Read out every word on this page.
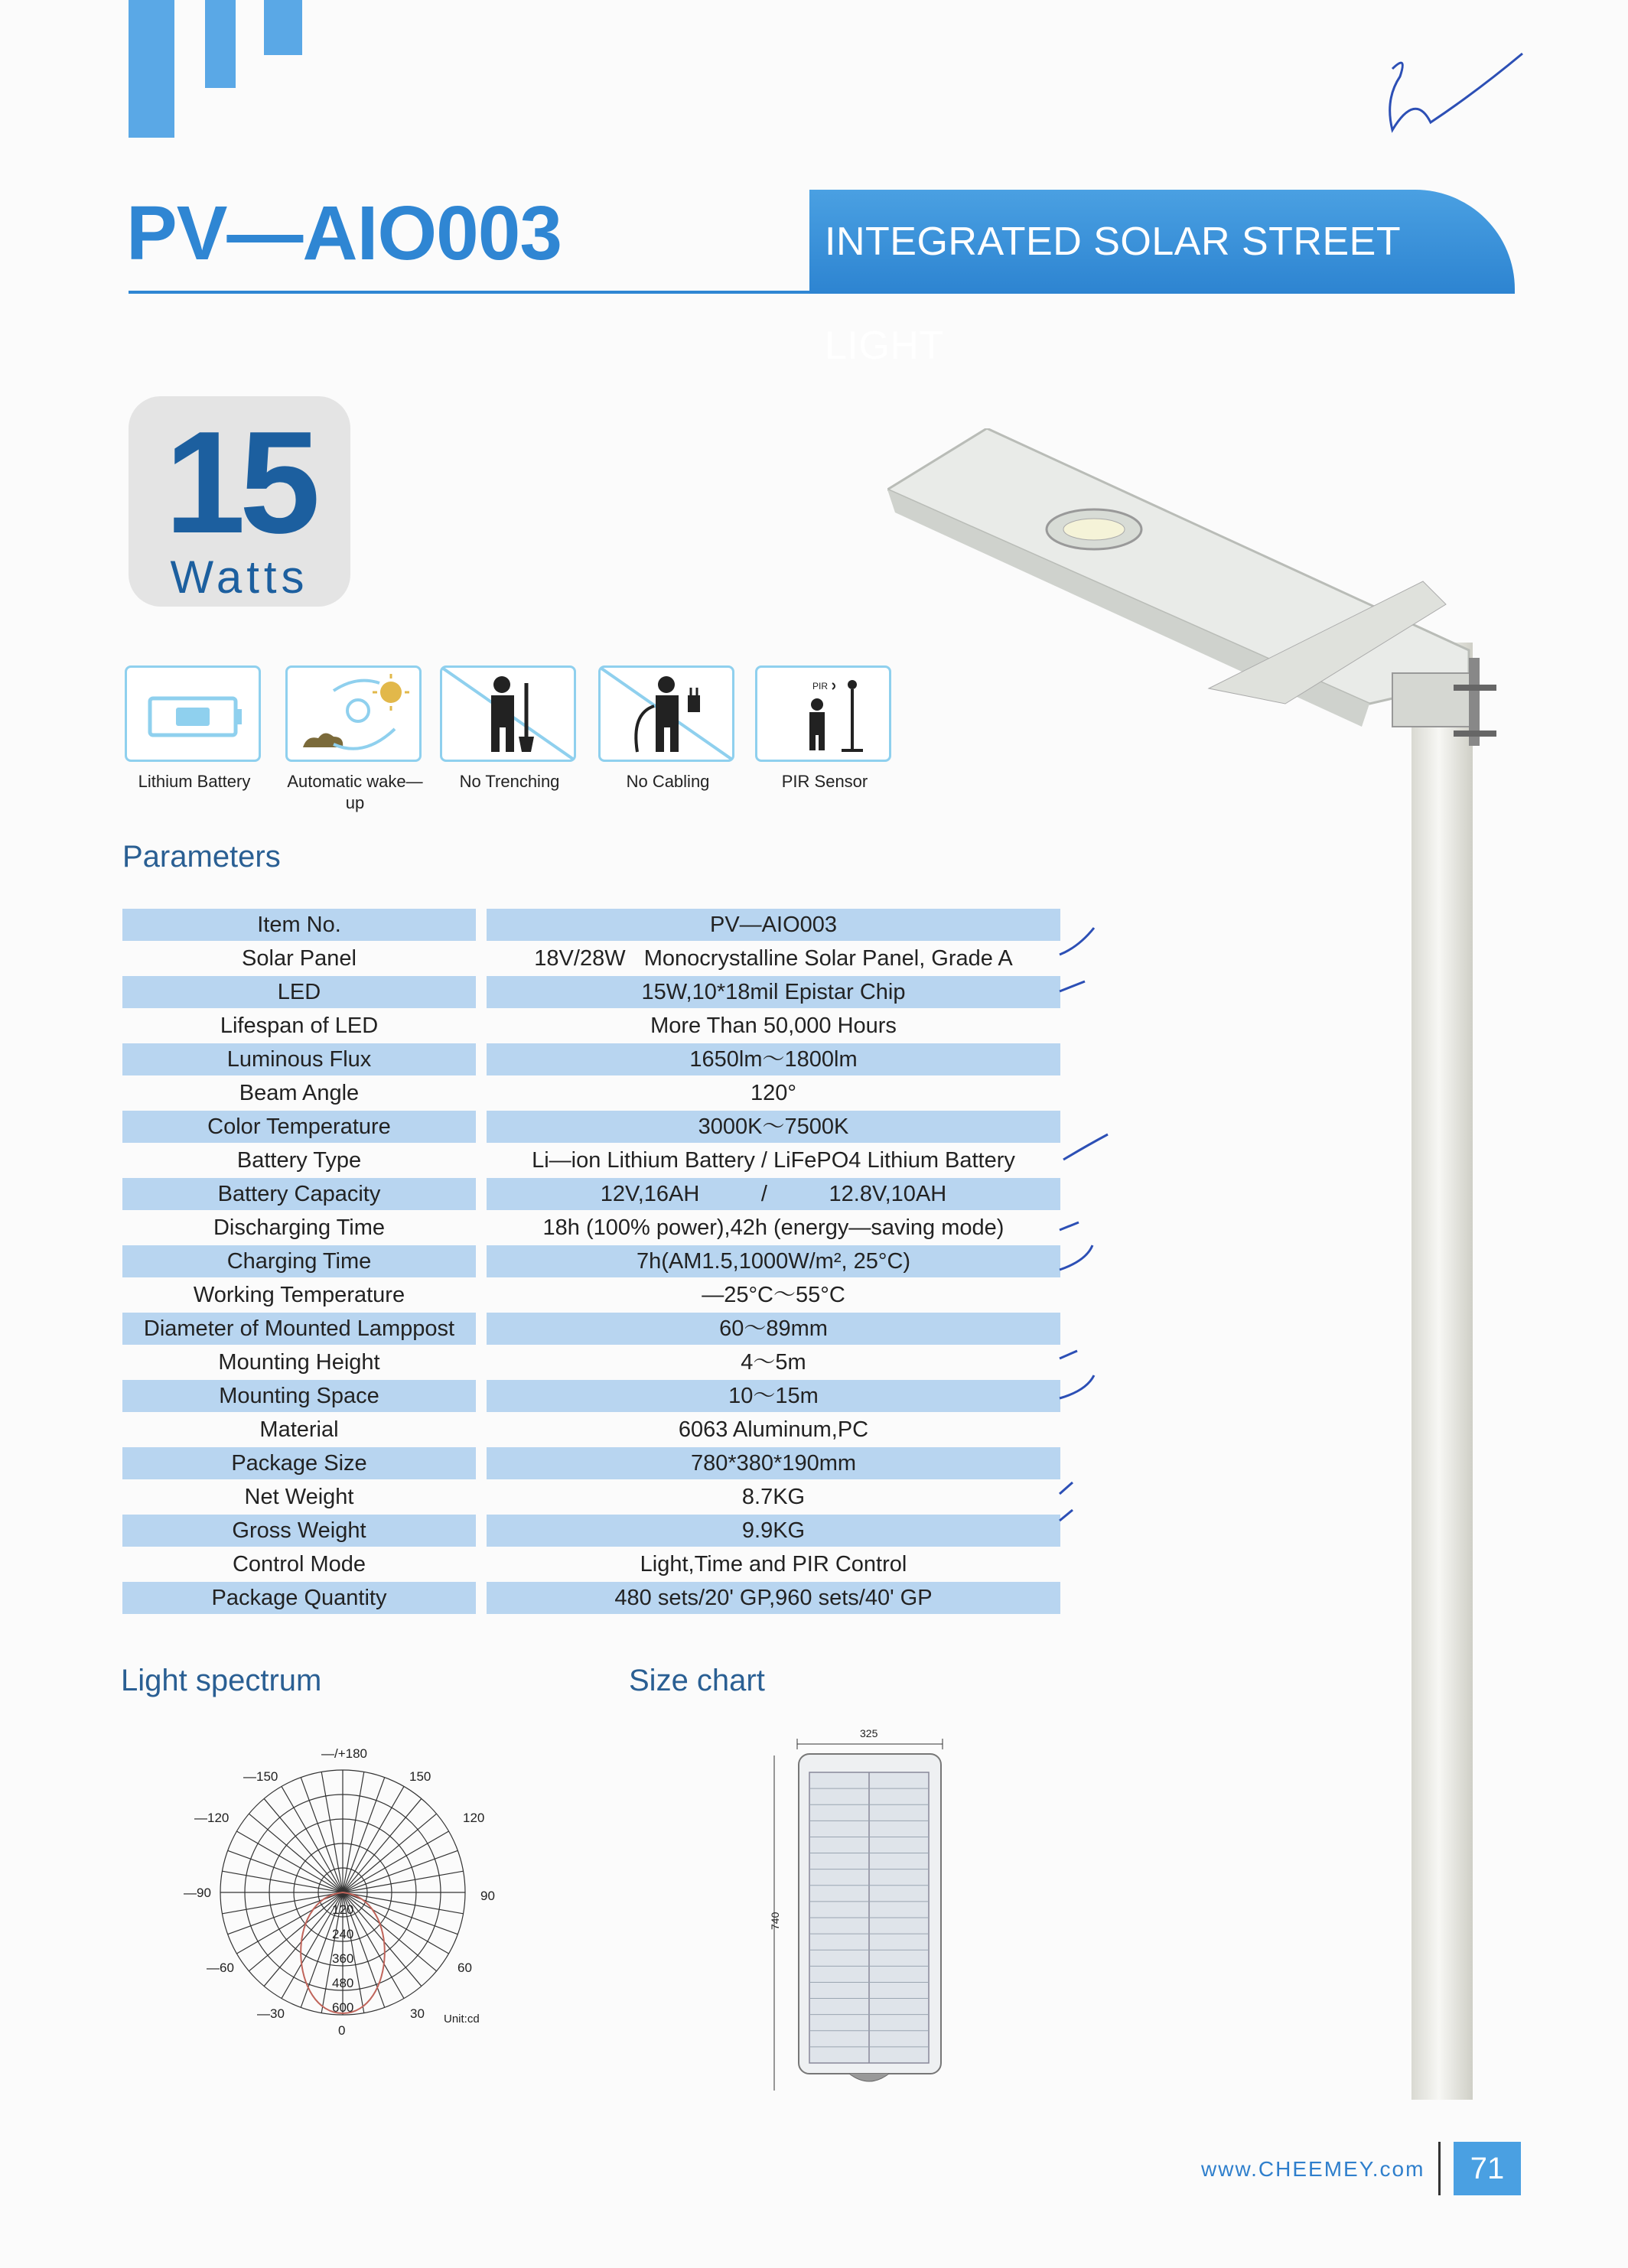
PV—AIO003	INTEGRATED SOLAR STREET LIGHT
15
Watts
Lithium Battery	Automatic wake—up
No Trenching	No Cabling
PIR
PIR Sensor
Parameters
Item No.	PV—AIO003
Solar Panel	18V/28W   Monocrystalline Solar Panel, Grade A
LED	15W,10*18mil Epistar Chip
Lifespan of LED	More Than 50,000 Hours
Luminous Flux	1650lm～1800lm
Beam Angle	120°
Color Temperature	3000K～7500K
Battery Type	Li—ion Lithium Battery / LiFePO4 Lithium Battery
Battery Capacity	12V,16AH          /          12.8V,10AH
Discharging Time	18h (100% power),42h (energy—saving mode)
Charging Time	7h(AM1.5,1000W/m², 25°C)
Working Temperature	—25°C～55°C
Diameter of Mounted Lamppost	60～89mm
Mounting Height	4～5m
Mounting Space	10～15m
Material	6063 Aluminum,PC
Package Size	780*380*190mm
Net Weight	8.7KG
Gross Weight	9.9KG
Control Mode	Light,Time and PIR Control
Package Quantity	480 sets/20' GP,960 sets/40' GP
Light spectrum	Size chart
—/+180
—150	150
—120	120
—90	90
—60	60
—30	30
0
120
240
360
480
600
Unit:cd
325
740
www.CHEEMEY.com	71
